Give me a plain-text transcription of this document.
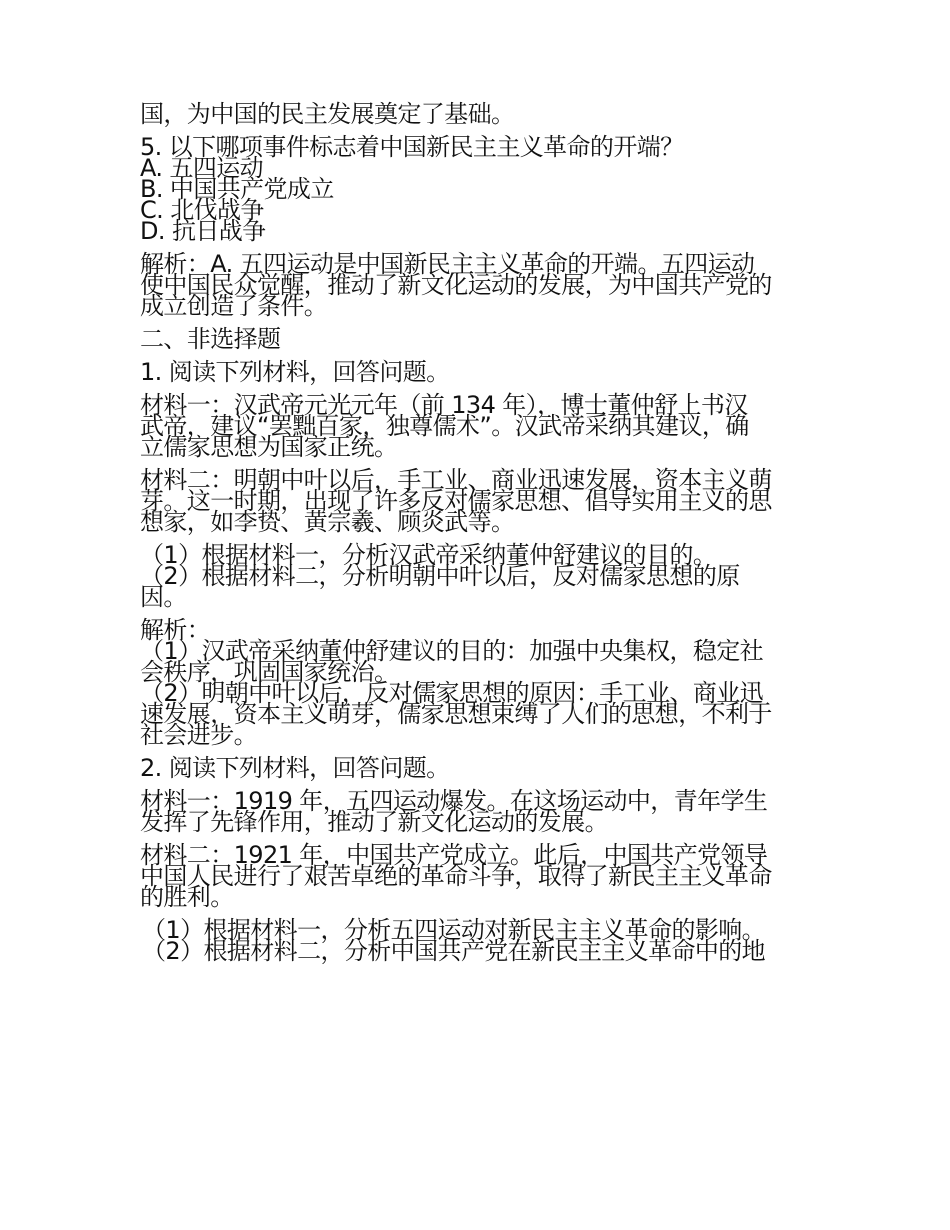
国，为中国的民主发展奠定了基础。
5. 以下哪项事件标志着中国新民主主义革命的开端？
A. 五四运动
B. 中国共产党成立
C. 北伐战争
D. 抗日战争
解析：A. 五四运动是中国新民主主义革命的开端。五四运动
使中国民众觉醒，推动了新文化运动的发展，为中国共产党的
成立创造了条件。
二、非选择题
1. 阅读下列材料，回答问题。
材料一：汉武帝元光元年（前 134 年），博士董仲舒上书汉
武帝，建议“罢黜百家，独尊儒术”。汉武帝采纳其建议，确
立儒家思想为国家正统。
材料二：明朝中叶以后，手工业、商业迅速发展，资本主义萌
芽。这一时期，出现了许多反对儒家思想、倡导实用主义的思
想家，如李贽、黄宗羲、顾炎武等。
（1）根据材料一，分析汉武帝采纳董仲舒建议的目的。
（2）根据材料二，分析明朝中叶以后，反对儒家思想的原
因。
解析：
（1）汉武帝采纳董仲舒建议的目的：加强中央集权，稳定社
会秩序，巩固国家统治。
（2）明朝中叶以后，反对儒家思想的原因：手工业、商业迅
速发展，资本主义萌芽，儒家思想束缚了人们的思想，不利于
社会进步。
2. 阅读下列材料，回答问题。
材料一：1919 年，五四运动爆发。在这场运动中，青年学生
发挥了先锋作用，推动了新文化运动的发展。
材料二：1921 年，中国共产党成立。此后，中国共产党领导
中国人民进行了艰苦卓绝的革命斗争，取得了新民主主义革命
的胜利。
（1）根据材料一，分析五四运动对新民主主义革命的影响。
（2）根据材料二，分析中国共产党在新民主主义革命中的地
